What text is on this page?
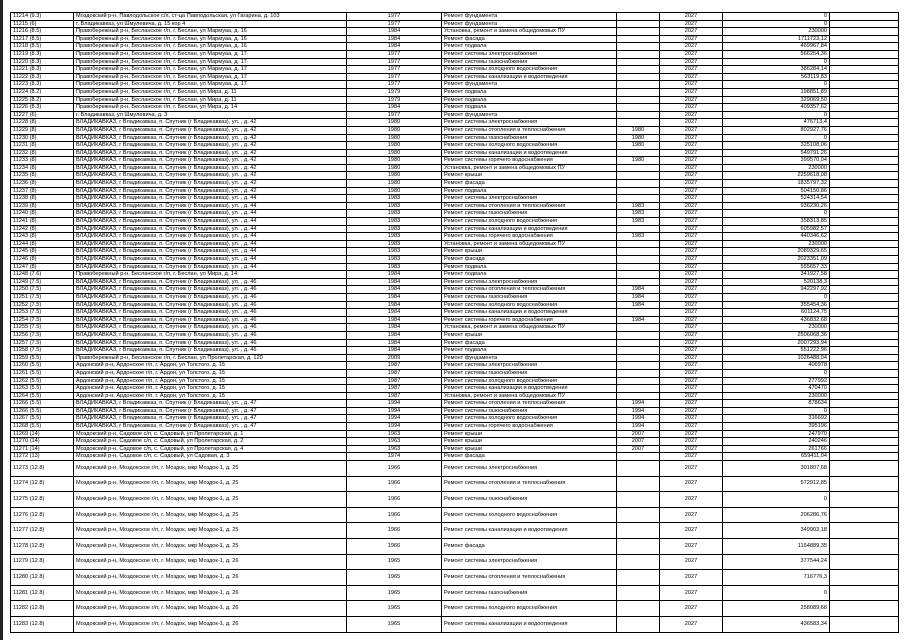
11214 (9.3)	Моздокский р-н, Павлодольское с/п, ст-ца Павлодольская, ул Гагарина, д. 103	1977	Ремонт фундамента		2027	0	
11215 (6)	г. Владикавказ, ул Шмулевича, д. 15 кор 4	1977	Ремонт фундамента		2027	0	
11216 (8.5)	Правобережный р-н, Бесланское г/п, г. Беслан, ул Мармуаа, д. 16	1984	Установка, ремонт и замена общедомовых ПУ		2027	230000	
11217 (8.5)	Правобережный р-н, Бесланское г/п, г. Беслан, ул Мармуаа, д. 16	1984	Ремонт фасада		2027	1711723,12	
11218 (8.5)	Правобережный р-н, Бесланское г/п, г. Беслан, ул Мармуаа, д. 16	1984	Ремонт подвала		2027	469967,84	
11219 (8.3)	Правобережный р-н, Бесланское г/п, г. Беслан, ул Мармуаа, д. 17	1977	Ремонт системы электроснабжения		2027	566254,36	
11220 (8.3)	Правобережный р-н, Бесланское г/п, г. Беслан, ул Мармуаа, д. 17	1977	Ремонт системы газоснабжения		2027	0	
11221 (8.3)	Правобережный р-н, Бесланское г/п, г. Беслан, ул Мармуаа, д. 17	1977	Ремонт системы холодного водоснабжения		2027	386284,14	
11222 (8.3)	Правобережный р-н, Бесланское г/п, г. Беслан, ул Мармуаа, д. 17	1977	Ремонт системы канализации и водоотведения		2027	563119,83	
11223 (8.3)	Правобережный р-н, Бесланское г/п, г. Беслан, ул Мармуаа, д. 17	1977	Ремонт фундамента		2027	0	
11224 (8.2)	Правобережный р-н, Бесланское г/п, г. Беслан, ул Мира, д. 11	1979	Ремонт подвала		2027	198851,89	
11225 (8.2)	Правобережный р-н, Бесланское г/п, г. Беслан, ул Мира, д. 11	1979	Ремонт подвала		2027	329069,50	
11226 (8.3)	Правобережный р-н, Бесланское г/п, г. Беслан, ул Мира, д. 14	1984	Ремонт подвала		2027	409357,62	
11227 (6)	г. Владикавказ, ул Шмулевича, д. 3	1977	Ремонт фундамента		2027	0	
11228 (8)	ВЛАДИКАВКАЗ, г Владикавказ, п. Спутник (г Владикавказ), ул. , д. 42	1980	Ремонт системы электроснабжения		2027	476713,4	
11229 (8)	ВЛАДИКАВКАЗ, г Владикавказ, п. Спутник (г Владикавказ), ул. , д. 42	1980	Ремонт системы отопления и теплоснабжения	1980	2027	802927,76	
11230 (8)	ВЛАДИКАВКАЗ, г Владикавказ, п. Спутник (г Владикавказ), ул. , д. 42	1980	Ремонт системы газоснабжения	1980	2027	0	
11231 (8)	ВЛАДИКАВКАЗ, г Владикавказ, п. Спутник (г Владикавказ), ул. , д. 42	1980	Ремонт системы холодного водоснабжения	1980	2027	325108,06	
11232 (8)	ВЛАДИКАВКАЗ, г Владикавказ, п. Спутник (г Владикавказ), ул. , д. 42	1980	Ремонт системы канализации и водоотведения		2027	549791,26	
11233 (8)	ВЛАДИКАВКАЗ, г Владикавказ, п. Спутник (г Владикавказ), ул. , д. 42	1980	Ремонт системы горячего водоснабжения	1980	2027	399570,04	
11234 (8)	ВЛАДИКАВКАЗ, г Владикавказ, п. Спутник (г Владикавказ), ул. , д. 42	1980	Установка, ремонт и замена общедомовых ПУ		2027	230000	
11235 (8)	ВЛАДИКАВКАЗ, г Владикавказ, п. Спутник (г Владикавказ), ул. , д. 42	1980	Ремонт крыши		2027	2259618,08	
11236 (8)	ВЛАДИКАВКАЗ, г Владикавказ, п. Спутник (г Владикавказ), ул. , д. 42	1980	Ремонт фасада		2027	1835797,32	
11237 (8)	ВЛАДИКАВКАЗ, г Владикавказ, п. Спутник (г Владикавказ), ул. , д. 42	1980	Ремонт подвала		2027	504150,86	
11238 (8)	ВЛАДИКАВКАЗ, г Владикавказ, п. Спутник (г Владикавказ), ул. , д. 44	1983	Ремонт системы электроснабжения		2027	524314,54	
11239 (8)	ВЛАДИКАВКАЗ, г Владикавказ, п. Спутник (г Владикавказ), ул. , д. 44	1983	Ремонт системы отопления и теплоснабжения	1983	2027	936230,26	
11240 (8)	ВЛАДИКАВКАЗ, г Владикавказ, п. Спутник (г Владикавказ), ул. , д. 44	1983	Ремонт системы газоснабжения	1983	2027	0	
11241 (8)	ВЛАДИКАВКАЗ, г Владикавказ, п. Спутник (г Владикавказ), ул. , д. 44	1983	Ремонт системы холодного водоснабжения	1983	2027	358313,85	
11242 (8)	ВЛАДИКАВКАЗ, г Владикавказ, п. Спутник (г Владикавказ), ул. , д. 44	1983	Ремонт системы канализации и водоотведения		2027	605982,57	
11243 (8)	ВЛАДИКАВКАЗ, г Владикавказ, п. Спутник (г Владикавказ), ул. , д. 44	1983	Ремонт системы горячего водоснабжения	1983	2027	440346,62	
11244 (8)	ВЛАДИКАВКАЗ, г Владикавказ, п. Спутник (г Владикавказ), ул. , д. 44	1983	Установка, ремонт и замена общедомовых ПУ		2027	230000	
11245 (8)	ВЛАДИКАВКАЗ, г Владикавказ, п. Спутник (г Владикавказ), ул. , д. 44	1983	Ремонт крыши		2027	2089329,65	
11246 (8)	ВЛАДИКАВКАЗ, г Владикавказ, п. Спутник (г Владикавказ), ул. , д. 44	1983	Ремонт фасада		2027	2023351,09	
11247 (8)	ВЛАДИКАВКАЗ, г Владикавказ, п. Спутник (г Владикавказ), ул. , д. 44	1983	Ремонт подвала		2027	555657,33	
11248 (7.6)	Правобережный р-н, Бесланское г/п, г. Беслан, ул Мира, д. 14	1984	Ремонт подвала		2027	341927,58	
11249 (7.5)	ВЛАДИКАВКАЗ, г Владикавказ, п. Спутник (г Владикавказ), ул. , д. 46	1984	Ремонт системы электроснабжения		2027	520138,3	
11250 (7.5)	ВЛАДИКАВКАЗ, г Владикавказ, п. Спутник (г Владикавказ), ул. , д. 46	1984	Ремонт системы отопления и теплоснабжения	1984	2027	942297,92	
11251 (7.5)	ВЛАДИКАВКАЗ, г Владикавказ, п. Спутник (г Владикавказ), ул. , д. 46	1984	Ремонт системы газоснабжения	1984	2027	0	
11252 (7.5)	ВЛАДИКАВКАЗ, г Владикавказ, п. Спутник (г Владикавказ), ул. , д. 46	1984	Ремонт системы холодного водоснабжения	1984	2027	355454,36	
11253 (7.5)	ВЛАДИКАВКАЗ, г Владикавказ, п. Спутник (г Владикавказ), ул. , д. 46	1984	Ремонт системы канализации и водоотведения		2027	601124,75	
11254 (7.5)	ВЛАДИКАВКАЗ, г Владикавказ, п. Спутник (г Владикавказ), ул. , д. 46	1984	Ремонт системы горячего водоснабжения	1984	2027	436832,68	
11255 (7.5)	ВЛАДИКАВКАЗ, г Владикавказ, п. Спутник (г Владикавказ), ул. , д. 46	1984	Установка, ремонт и замена общедомовых ПУ		2027	230000	
11256 (7.5)	ВЛАДИКАВКАЗ, г Владикавказ, п. Спутник (г Владикавказ), ул. , д. 46	1984	Ремонт крыши		2027	2506068,36	
11257 (7.5)	ВЛАДИКАВКАЗ, г Владикавказ, п. Спутник (г Владикавказ), ул. , д. 46	1984	Ремонт фасада		2027	2007293,94	
11258 (7.5)	ВЛАДИКАВКАЗ, г Владикавказ, п. Спутник (г Владикавказ), ул. , д. 46	1984	Ремонт подвала		2027	551222,96	
11259 (5.5)	Правобережный р-н, Бесланское г/п, г. Беслан, ул Пролетарская, д. 120	2009	Ремонт фундамента		2027	1026488,04	
11260 (5.5)	Ардонский р-н, Ардонское г/п, г. Ардон, ул Толстого, д. 15	1987	Ремонт системы электроснабжения		2027	406978	
11261 (5.5)	Ардонский р-н, Ардонское г/п, г. Ардон, ул Толстого, д. 15	1987	Ремонт системы газоснабжения		2027	0	
11262 (5.5)	Ардонский р-н, Ардонское г/п, г. Ардон, ул Толстого, д. 15	1987	Ремонт системы холодного водоснабжения		2027	277992	
11263 (5.5)	Ардонский р-н, Ардонское г/п, г. Ардон, ул Толстого, д. 15	1987	Ремонт системы канализации и водоотведения		2027	470470	
11264 (5.5)	Ардонский р-н, Ардонское г/п, г. Ардон, ул Толстого, д. 15	1987	Установка, ремонт и замена общедомовых ПУ		2027	230000	
11266 (5.5)	ВЛАДИКАВКАЗ, г Владикавказ, п. Спутник (г Владикавказ), ул. , д. 47	1994	Ремонт системы отопления и теплоснабжения	1994	2027	878634	
11266 (5.5)	ВЛАДИКАВКАЗ, г Владикавказ, п. Спутник (г Владикавказ), ул. , д. 47	1994	Ремонт системы газоснабжения	1994	2027	0	
11267 (5.5)	ВЛАДИКАВКАЗ, г Владикавказ, п. Спутник (г Владикавказ), ул. , д. 47	1994	Ремонт системы холодного водоснабжения	1994	2027	316692	
11268 (5.5)	ВЛАДИКАВКАЗ, г Владикавказ, п. Спутник (г Владикавказ), ул. , д. 47	1994	Ремонт системы горячего водоснабжения	1994	2027	395196	
11269 (14)	Моздокский р-н, Садовое с/п, с. Садовый, ул Пролетарская, д. 1	1963	Ремонт крыши	2007	2027	247970	
11270 (14)	Моздокский р-н, Садовое с/п, с. Садовый, ул Пролетарская, д. 2	1963	Ремонт крыши	2007	2027	240246	
11271 (14)	Моздокский р-н, Садовое с/п, с. Садовый, ул Пролетарская, д. 4	1963	Ремонт крыши	2007	2027	261766	
11272 (13)	Моздокский р-н, Садовое с/п, с. Садовый, ул Садовая, д. 3	1974	Ремонт фасада		2027	659411,04	
11273 (12.8)	Моздокский р-н, Моздокское г/п, г. Моздок, мкр Моздок-1, д. 25	1966	Ремонт системы электроснабжения		2027	301807,68	
11274 (12.8)	Моздокский р-н, Моздокское г/п, г. Моздок, мкр Моздок-1, д. 25	1966	Ремонт системы отопления и теплоснабжения		2027	572912,85	
11275 (12.8)	Моздокский р-н, Моздокское г/п, г. Моздок, мкр Моздок-1, д. 25	1966	Ремонт системы газоснабжения		2027	0	
11276 (12.8)	Моздокский р-н, Моздокское г/п, г. Моздок, мкр Моздок-1, д. 25	1966	Ремонт системы холодного водоснабжения		2027	206286,76	
11277 (12.8)	Моздокский р-н, Моздокское г/п, г. Моздок, мкр Моздок-1, д. 25	1966	Ремонт системы канализации и водоотведения		2027	349903,18	
11278 (12.8)	Моздокский р-н, Моздокское г/п, г. Моздок, мкр Моздок-1, д. 25	1966	Ремонт фасада		2027	1164889,35	
11279 (12.8)	Моздокский р-н, Моздокское г/п, г. Моздок, мкр Моздок-1, д. 26	1965	Ремонт системы электроснабжения		2027	377544,24	
11280 (12.8)	Моздокский р-н, Моздокское г/п, г. Моздок, мкр Моздок-1, д. 26	1965	Ремонт системы отопления и теплоснабжения		2027	716776,3	
11281 (12.8)	Моздокский р-н, Моздокское г/п, г. Моздок, мкр Моздок-1, д. 26	1965	Ремонт системы газоснабжения		2027	0	
11282 (12.8)	Моздокский р-н, Моздокское г/п, г. Моздок, мкр Моздок-1, д. 26	1965	Ремонт системы холодного водоснабжения		2027	258089,68	
11283 (12.8)	Моздокский р-н, Моздокское г/п, г. Моздок, мкр Моздок-1, д. 26	1965	Ремонт системы канализации и водоотведения		2027	436583,34	
